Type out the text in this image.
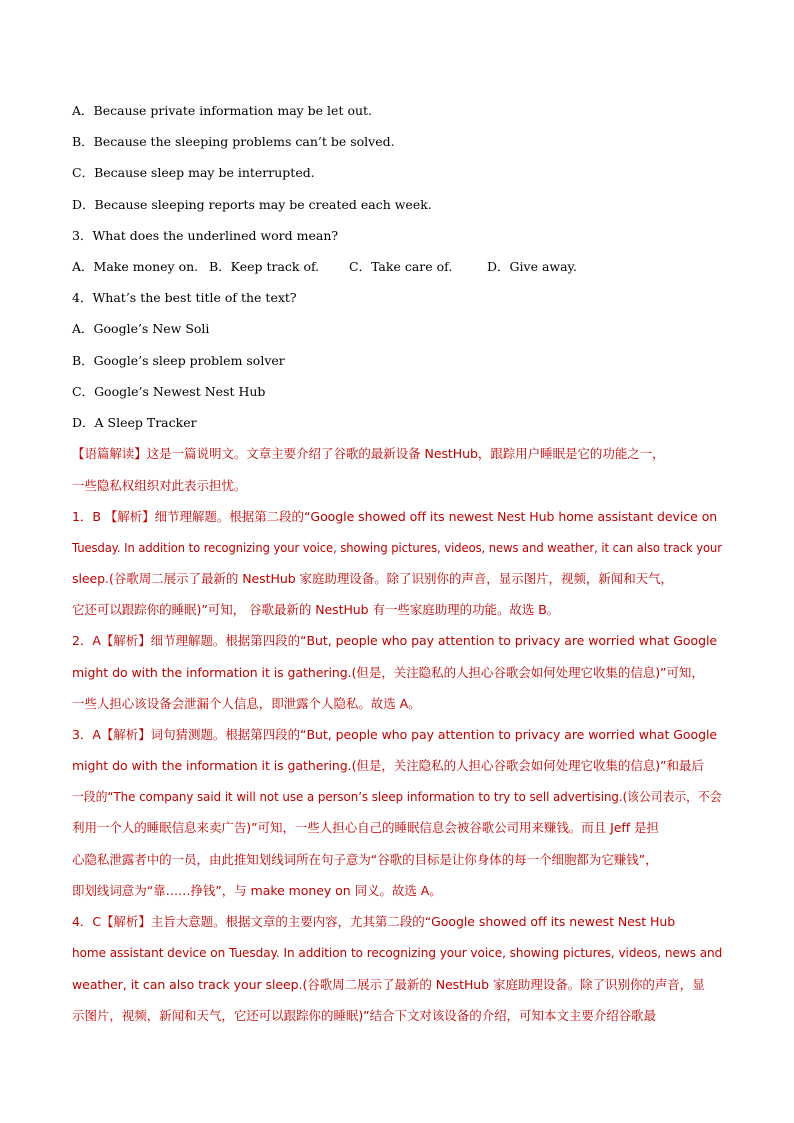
A．Because private information may be let out.
B．Because the sleeping problems can’t be solved.
C．Because sleep may be interrupted.
D．Because sleeping reports may be created each week.
3．What does the underlined word mean?
A．Make money on. B．Keep track of.	C．Take care of.	D．Give away.
4．What’s the best title of the text?
A．Google’s New Soli
B．Google’s sleep problem solver
C．Google’s Newest Nest Hub
D．A Sleep Tracker
【语篇解读】这是一篇说明文。文章主要介绍了谷歌的最新设备 NestHub，跟踪用户睡眠是它的功能之一，
一些隐私权组织对此表示担忧。
1．B 【解析】细节理解题。根据第二段的“Google showed off its newest Nest Hub home assistant device on
Tuesday. In addition to recognizing your voice, showing pictures, videos, news and weather, it can also track your
sleep.(谷歌周二展示了最新的 NestHub 家庭助理设备。除了识别你的声音，显示图片，视频，新闻和天气，
它还可以跟踪你的睡眠)”可知， 谷歌最新的 NestHub 有一些家庭助理的功能。故选 B。
2．A【解析】细节理解题。根据第四段的“But, people who pay attention to privacy are worried what Google
might do with the information it is gathering.(但是，关注隐私的人担心谷歌会如何处理它收集的信息)”可知，
一些人担心该设备会泄漏个人信息，即泄露个人隐私。故选 A。
3．A【解析】词句猜测题。根据第四段的“But, people who pay attention to privacy are worried what Google
might do with the information it is gathering.(但是，关注隐私的人担心谷歌会如何处理它收集的信息)”和最后
一段的“The company said it will not use a person’s sleep information to try to sell advertising.(该公司表示，不会
利用一个人的睡眠信息来卖广告)”可知，一些人担心自己的睡眠信息会被谷歌公司用来赚钱。而且 Jeff 是担
心隐私泄露者中的一员，由此推知划线词所在句子意为“谷歌的目标是让你身体的每一个细胞都为它赚钱”，
即划线词意为“靠……挣钱”，与 make money on 同义。故选 A。
4．C【解析】主旨大意题。根据文章的主要内容，尤其第二段的“Google showed off its newest Nest Hub
home assistant device on Tuesday. In addition to recognizing your voice, showing pictures, videos, news and
weather, it can also track your sleep.(谷歌周二展示了最新的 NestHub 家庭助理设备。除了识别你的声音，显
示图片，视频，新闻和天气，它还可以跟踪你的睡眠)”结合下文对该设备的介绍，可知本文主要介绍谷歌最
